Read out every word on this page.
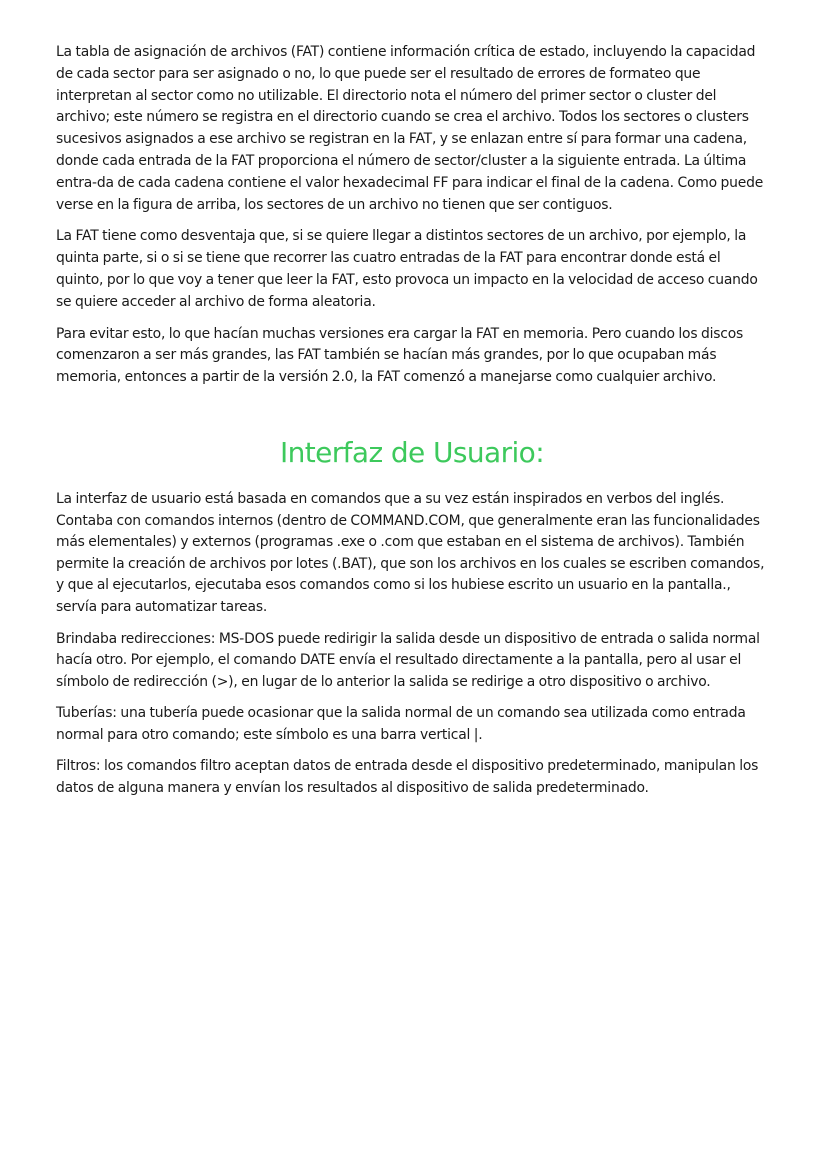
La tabla de asignación de archivos (FAT) contiene información crítica de estado, incluyendo la capacidad de cada sector para ser asignado o no, lo que puede ser el resultado de errores de formateo que interpretan al sector como no utilizable. El directorio nota el número del primer sector o cluster del archivo; este número se registra en el directorio cuando se crea el archivo. Todos los sectores o clusters sucesivos asignados a ese archivo se registran en la FAT, y se enlazan entre sí para formar una cadena, donde cada entrada de la FAT proporciona el número de sector/cluster a la siguiente entrada. La última entra-da de cada cadena contiene el valor hexadecimal FF para indicar el final de la cadena. Como puede verse en la figura de arriba, los sectores de un archivo no tienen que ser contiguos.

La FAT tiene como desventaja que, si se quiere llegar a distintos sectores de un archivo, por ejemplo, la quinta parte, si o si se tiene que recorrer las cuatro entradas de la FAT para encontrar donde está el quinto, por lo que voy a tener que leer la FAT, esto provoca un impacto en la velocidad de acceso cuando se quiere acceder al archivo de forma aleatoria.

Para evitar esto, lo que hacían muchas versiones era cargar la FAT en memoria. Pero cuando los discos comenzaron a ser más grandes, las FAT también se hacían más grandes, por lo que ocupaban más memoria, entonces a partir de la versión 2.0, la FAT comenzó a manejarse como cualquier archivo.

Interfaz de Usuario:

La interfaz de usuario está basada en comandos que a su vez están inspirados en verbos del inglés. Contaba con comandos internos (dentro de COMMAND.COM, que generalmente eran las funcionalidades más elementales) y externos (programas .exe o .com que estaban en el sistema de archivos). También permite la creación de archivos por lotes (.BAT), que son los archivos en los cuales se escriben comandos, y que al ejecutarlos, ejecutaba esos comandos como si los hubiese escrito un usuario en la pantalla., servía para automatizar tareas.

Brindaba redirecciones: MS-DOS puede redirigir la salida desde un dispositivo de entrada o salida normal hacía otro. Por ejemplo, el comando DATE envía el resultado directamente a la pantalla, pero al usar el símbolo de redirección (>), en lugar de lo anterior la salida se redirige a otro dispositivo o archivo.

Tuberías: una tubería puede ocasionar que la salida normal de un comando sea utilizada como entrada normal para otro comando; este símbolo es una barra vertical |.

Filtros: los comandos filtro aceptan datos de entrada desde el dispositivo predeterminado, manipulan los datos de alguna manera y envían los resultados al dispositivo de salida predeterminado.
